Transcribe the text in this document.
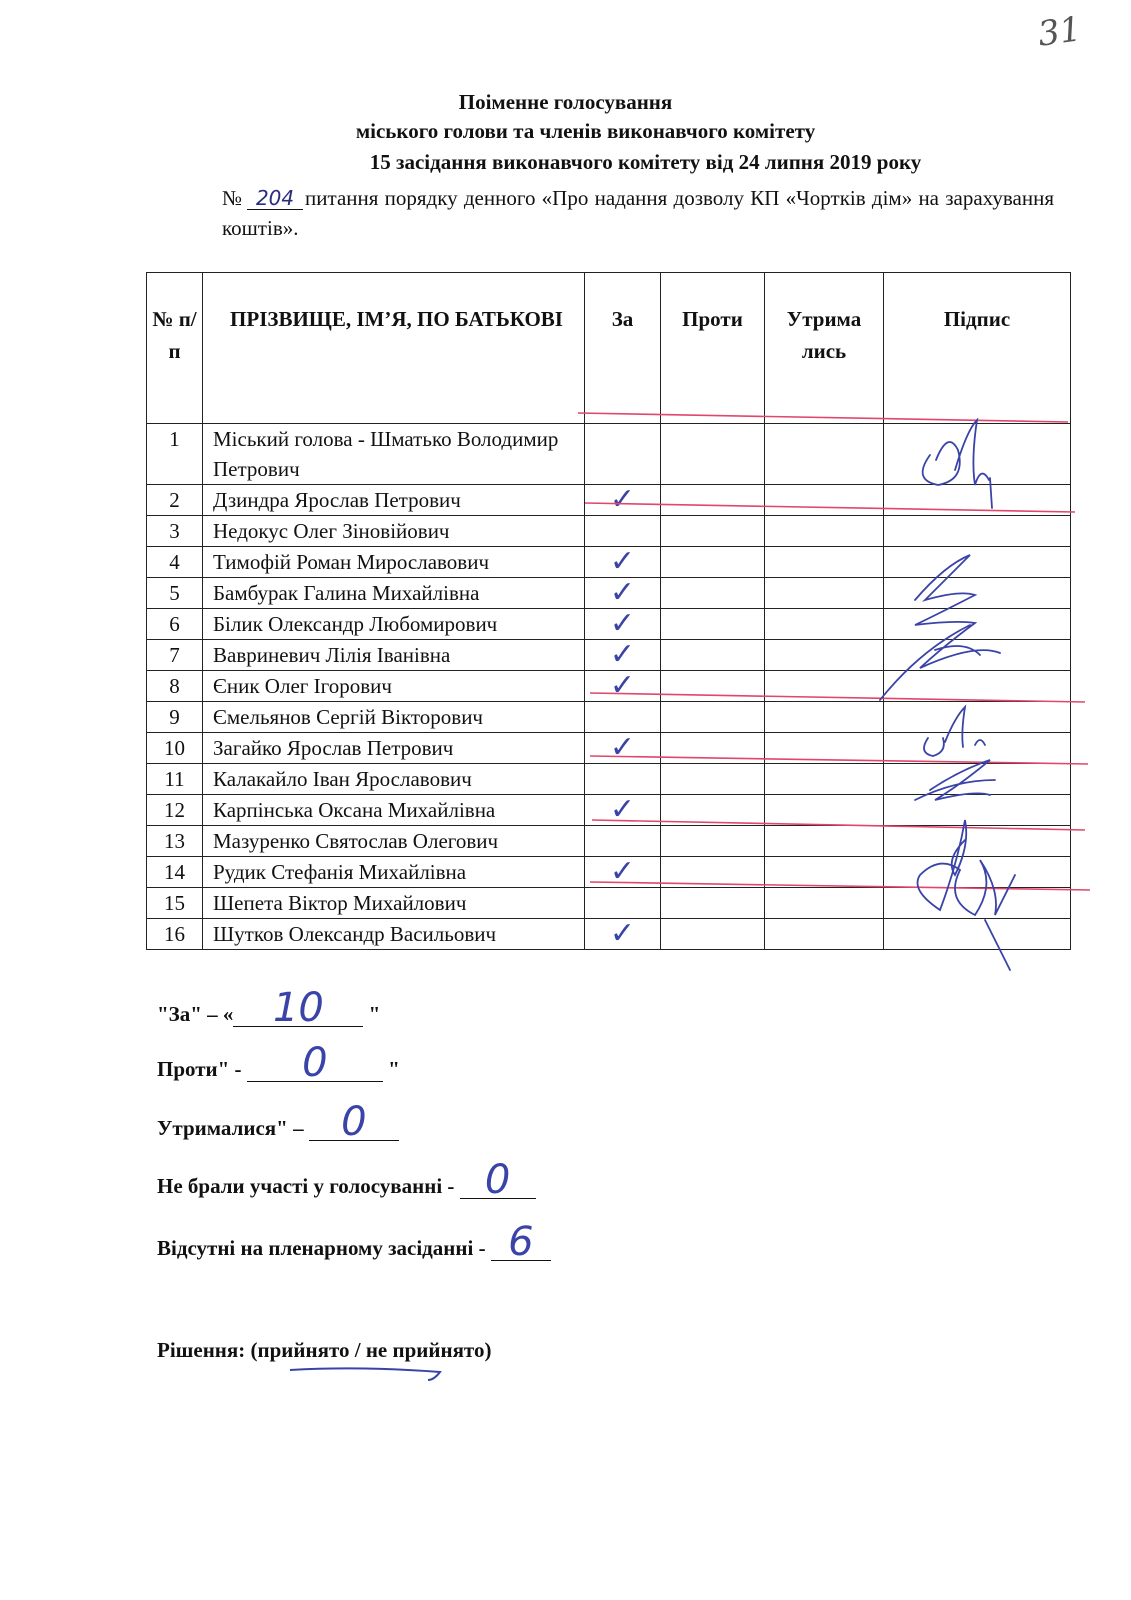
31
Поіменне голосування
міського голови та членів виконавчого комітету
15 засідання виконавчого комітету від 24 липня 2019 року
№ 204 питання порядку денного «Про надання дозволу КП «Чортків дім» на зарахування коштів».
№ п/ п	ПРІЗВИЩЕ, ІМ’Я, ПО БАТЬКОВІ	За	Проти	Утрима лись	Підпис
1	Міський голова - Шматько Володимир Петрович				
2	Дзиндра Ярослав Петрович	✓			
3	Недокус Олег Зіновійович				
4	Тимофій Роман Мирославович	✓			
5	Бамбурак Галина Михайлівна	✓			
6	Білик Олександр Любомирович	✓			
7	Вавриневич Лілія Іванівна	✓			
8	Єник Олег Ігорович	✓			
9	Ємельянов Сергій Вікторович				
10	Загайко Ярослав Петрович	✓			
11	Калакайло Іван Ярославович				
12	Карпінська Оксана Михайлівна	✓			
13	Мазуренко Святослав Олегович				
14	Рудик Стефанія Михайлівна	✓			
15	Шепета Віктор Михайлович				
16	Шутков Олександр Васильович	✓			
"За" – « 10 "
Проти" - 0	"
Утрималися" – 0
Не брали участі у голосуванні - 0
Відсутні на пленарному засіданні - 6
Рішення: (прийнято / не прийнято)
